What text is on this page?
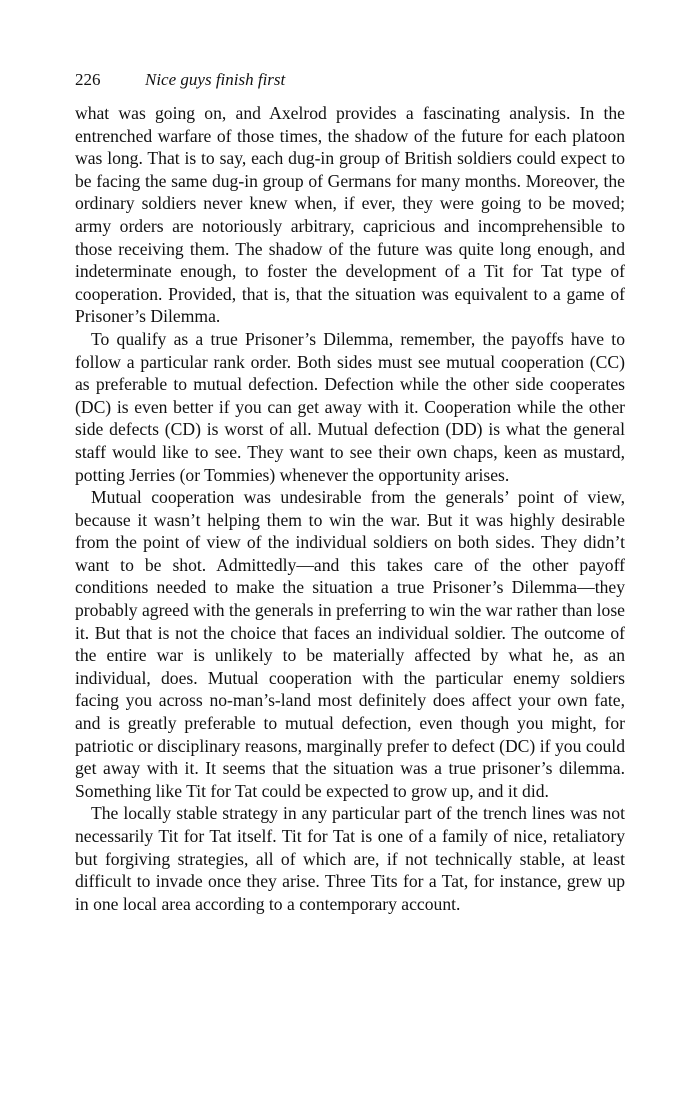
226	Nice guys finish first

what was going on, and Axelrod provides a fascinating analysis. In the entrenched warfare of those times, the shadow of the future for each platoon was long. That is to say, each dug-in group of British soldiers could expect to be facing the same dug-in group of Germans for many months. Moreover, the ordinary soldiers never knew when, if ever, they were going to be moved; army orders are notoriously arbitrary, capricious and incomprehensible to those receiving them. The shadow of the future was quite long enough, and indeterminate enough, to foster the development of a Tit for Tat type of cooperation. Provided, that is, that the situation was equivalent to a game of Prisoner’s Dilemma.

To qualify as a true Prisoner’s Dilemma, remember, the payoffs have to follow a particular rank order. Both sides must see mutual cooperation (CC) as preferable to mutual defection. Defection while the other side cooperates (DC) is even better if you can get away with it. Cooperation while the other side defects (CD) is worst of all. Mutual defection (DD) is what the general staff would like to see. They want to see their own chaps, keen as mustard, potting Jerries (or Tommies) whenever the opportunity arises.

Mutual cooperation was undesirable from the generals’ point of view, because it wasn’t helping them to win the war. But it was highly desirable from the point of view of the individual soldiers on both sides. They didn’t want to be shot. Admittedly—and this takes care of the other payoff conditions needed to make the situation a true Prisoner’s Dilemma—they probably agreed with the generals in preferring to win the war rather than lose it. But that is not the choice that faces an individual soldier. The outcome of the entire war is unlikely to be materially affected by what he, as an individual, does. Mutual cooperation with the particular enemy soldiers facing you across no-man’s-land most definitely does affect your own fate, and is greatly preferable to mutual defection, even though you might, for patriotic or disciplinary reasons, marginally prefer to defect (DC) if you could get away with it. It seems that the situation was a true prisoner’s dilemma. Something like Tit for Tat could be expected to grow up, and it did.

The locally stable strategy in any particular part of the trench lines was not necessarily Tit for Tat itself. Tit for Tat is one of a family of nice, retaliatory but forgiving strategies, all of which are, if not technically stable, at least difficult to invade once they arise. Three Tits for a Tat, for instance, grew up in one local area according to a contemporary account.
